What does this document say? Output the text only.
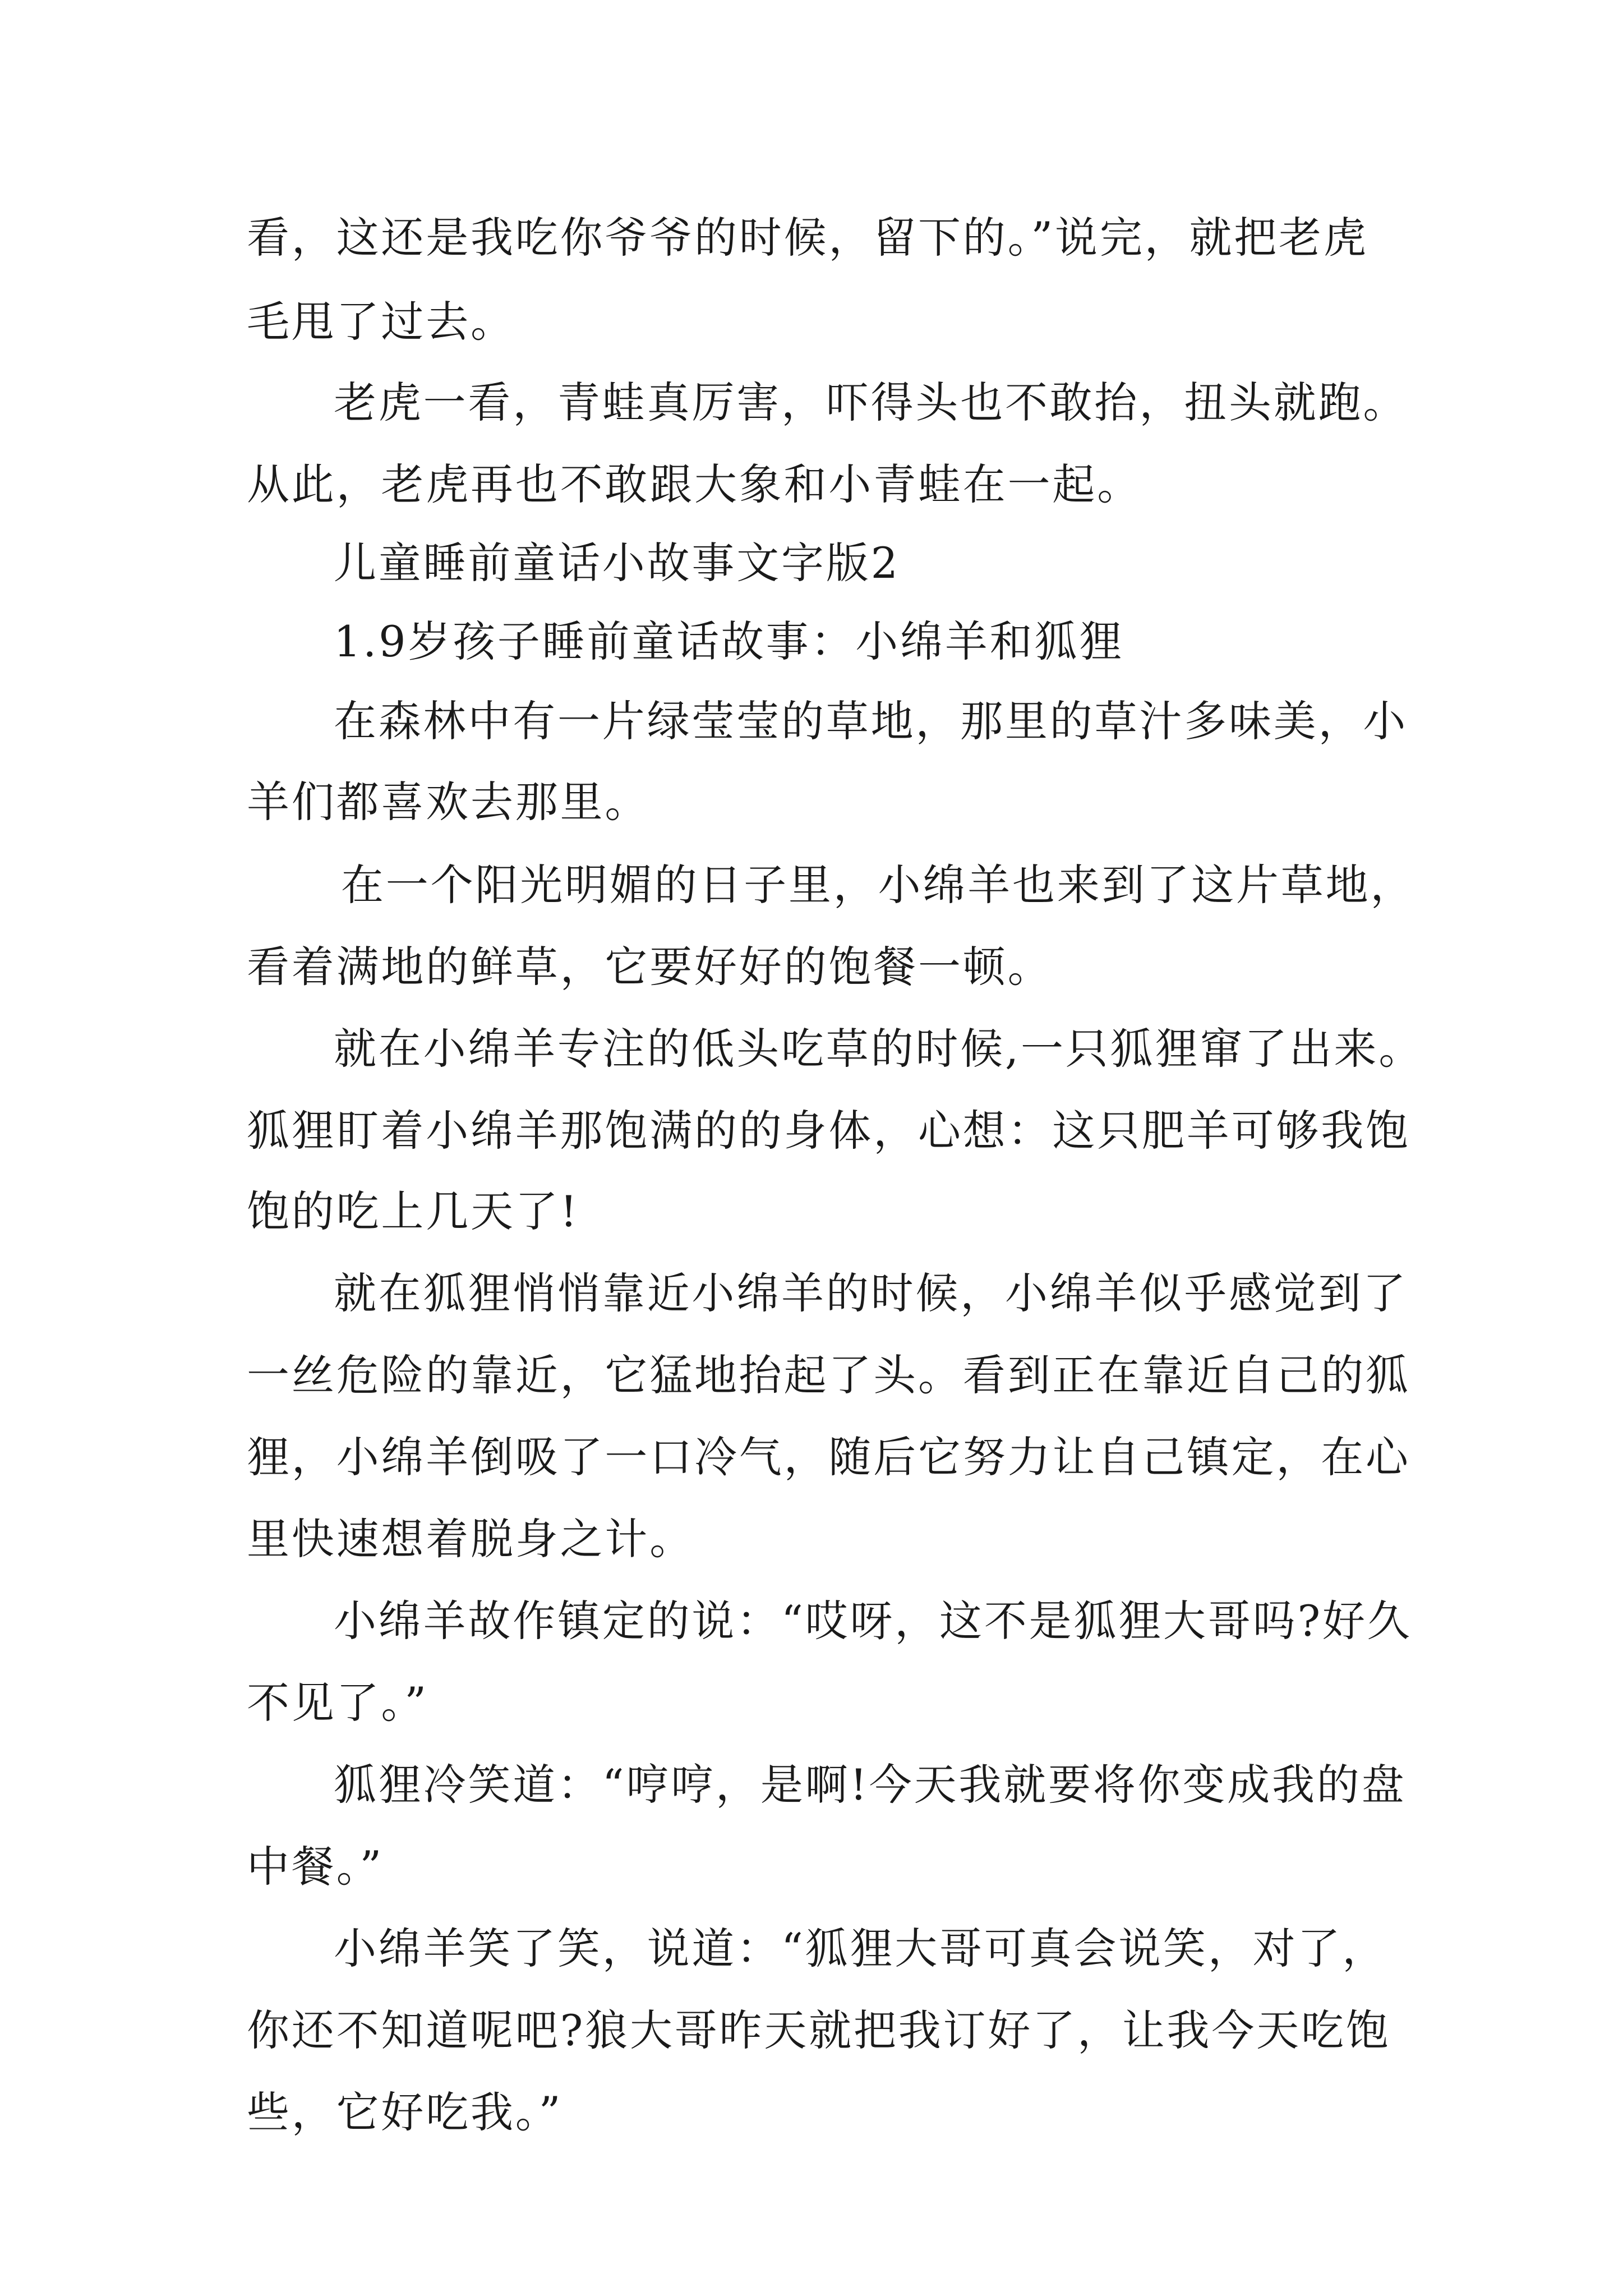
看，这还是我吃你爷爷的时候，留下的。”说完，就把老虎
毛甩了过去。
老虎一看，青蛙真厉害，吓得头也不敢抬，扭头就跑。
从此，老虎再也不敢跟大象和小青蛙在一起。
儿童睡前童话小故事文字版2
1.9岁孩子睡前童话故事：小绵羊和狐狸
在森林中有一片绿莹莹的草地，那里的草汁多味美，小
羊们都喜欢去那里。
在一个阳光明媚的日子里，小绵羊也来到了这片草地，
看着满地的鲜草，它要好好的饱餐一顿。
就在小绵羊专注的低头吃草的时候,一只狐狸窜了出来。
狐狸盯着小绵羊那饱满的的身体，心想：这只肥羊可够我饱
饱的吃上几天了!
就在狐狸悄悄靠近小绵羊的时候，小绵羊似乎感觉到了
一丝危险的靠近，它猛地抬起了头。看到正在靠近自己的狐
狸，小绵羊倒吸了一口冷气，随后它努力让自己镇定，在心
里快速想着脱身之计。
小绵羊故作镇定的说：“哎呀，这不是狐狸大哥吗?好久
不见了。”
狐狸冷笑道：“哼哼，是啊!今天我就要将你变成我的盘
中餐。”
小绵羊笑了笑，说道：“狐狸大哥可真会说笑，对了，
你还不知道呢吧?狼大哥昨天就把我订好了，让我今天吃饱
些，它好吃我。”
